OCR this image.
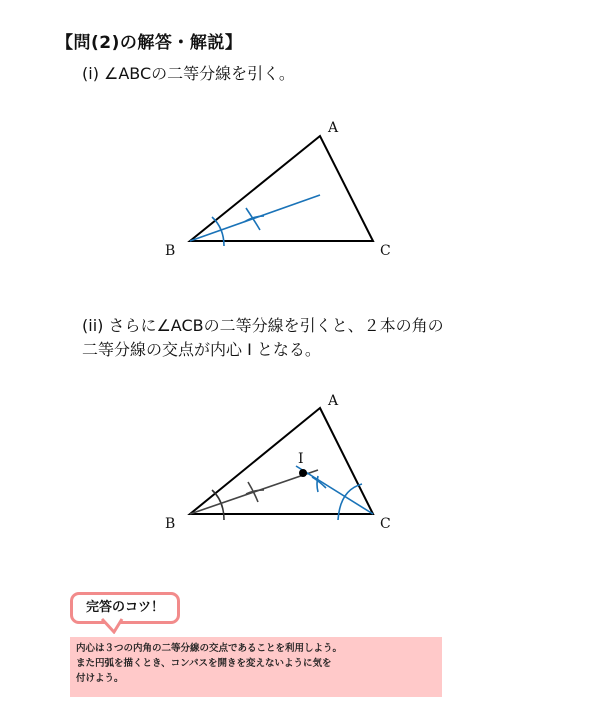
【問(2)の解答・解説】
(i) ∠ABCの二等分線を引く。
A
B	C
(ii) さらに∠ACBの二等分線を引くと、２本の角の
二等分線の交点が内心 I となる。
I
A
B	C
完答のコツ！
内心は３つの内角の二等分線の交点であることを利用しよう。
また円弧を描くとき、コンパスを開きを変えないように気を
付けよう。
